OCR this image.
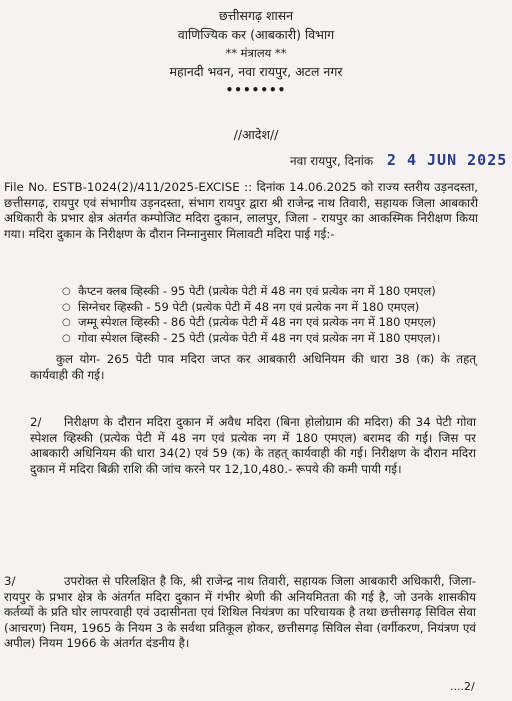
छत्तीसगढ़ शासन
वाणिज्यिक कर (आबकारी) विभाग
** मंत्रालय **
महानदी भवन, नवा रायपुर, अटल नगर
•••••••
//आदेश//
नवा रायपुर, दिनांक 2 4 JUN 2025
File No. ESTB-1024(2)/411/2025-EXCISE :: दिनांक 14.06.2025 को राज्य स्तरीय उड़नदस्ता, छत्तीसगढ़, रायपुर एवं संभागीय उड़नदस्ता, संभाग रायपुर द्वारा श्री राजेन्द्र नाथ तिवारी, सहायक जिला आबकारी अधिकारी के प्रभार क्षेत्र अंतर्गत कम्पोजिट मदिरा दुकान, लालपुर, जिला - रायपुर का आकस्मिक निरीक्षण किया गया। मदिरा दुकान के निरीक्षण के दौरान निम्नानुसार मिलावटी मदिरा पाई गई:-
○ कैप्टन क्लब व्हिस्की - 95 पेटी (प्रत्येक पेटी में 48 नग एवं प्रत्येक नग में 180 एमएल)
○ सिग्नेचर व्हिस्की - 59 पेटी (प्रत्येक पेटी में 48 नग एवं प्रत्येक नग में 180 एमएल)
○ जम्मू स्पेशल व्हिस्की - 86 पेटी (प्रत्येक पेटी में 48 नग एवं प्रत्येक नग में 180 एमएल)
○ गोवा स्पेशल व्हिस्की - 25 पेटी (प्रत्येक पेटी में 48 नग एवं प्रत्येक नग में 180 एमएल)।
कुल योग- 265 पेटी पाव मदिरा जप्त कर आबकारी अधिनियम की धारा 38 (क) के तहत् कार्यवाही की गई।
2/ निरीक्षण के दौरान मदिरा दुकान में अवैध मदिरा (बिना होलोग्राम की मदिरा) की 34 पेटी गोवा स्पेशल व्हिस्की (प्रत्येक पेटी में 48 नग एवं प्रत्येक नग में 180 एमएल) बरामद की गई। जिस पर आबकारी अधिनियम की धारा 34(2) एवं 59 (क) के तहत् कार्यवाही की गई। निरीक्षण के दौरान मदिरा दुकान में मदिरा बिक्री राशि की जांच करने पर 12,10,480.- रूपये की कमी पायी गई।
3/	उपरोक्त से परिलक्षित है कि, श्री राजेन्द्र नाथ तिवारी, सहायक जिला आबकारी अधिकारी, जिला- रायपुर के प्रभार क्षेत्र के अंतर्गत मदिरा दुकान में गंभीर श्रेणी की अनियमितता की गई है, जो उनके शासकीय कर्तव्यों के प्रति घोर लापरवाही एवं उदासीनता एवं शिथिल नियंत्रण का परिचायक है तथा छत्तीसगढ़ सिविल सेवा (आचरण) नियम, 1965 के नियम 3 के सर्वथा प्रतिकूल होकर, छत्तीसगढ़ सिविल सेवा (वर्गीकरण, नियंत्रण एवं अपील) नियम 1966 के अंतर्गत दंडनीय है।
....2/
